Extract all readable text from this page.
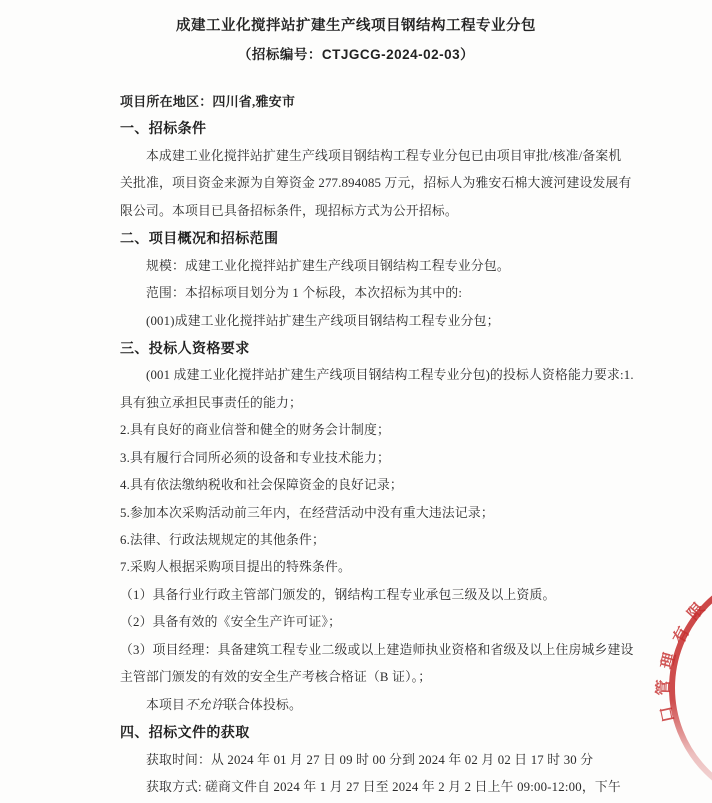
成建工业化搅拌站扩建生产线项目钢结构工程专业分包
（招标编号：CTJGCG-2024-02-03）
项目所在地区：四川省,雅安市
一、招标条件
本成建工业化搅拌站扩建生产线项目钢结构工程专业分包已由项目审批/核准/备案机
关批准，项目资金来源为自筹资金 277.894085 万元，招标人为雅安石棉大渡河建设发展有
限公司。本项目已具备招标条件，现招标方式为公开招标。
二、项目概况和招标范围
规模：成建工业化搅拌站扩建生产线项目钢结构工程专业分包。
范围：本招标项目划分为 1 个标段，本次招标为其中的:
(001)成建工业化搅拌站扩建生产线项目钢结构工程专业分包；
三、投标人资格要求
(001 成建工业化搅拌站扩建生产线项目钢结构工程专业分包)的投标人资格能力要求:1.
具有独立承担民事责任的能力；
2.具有良好的商业信誉和健全的财务会计制度；
3.具有履行合同所必须的设备和专业技术能力；
4.具有依法缴纳税收和社会保障资金的良好记录；
5.参加本次采购活动前三年内，在经营活动中没有重大违法记录；
6.法律、行政法规规定的其他条件；
7.采购人根据采购项目提出的特殊条件。
（1）具备行业行政主管部门颁发的，钢结构工程专业承包三级及以上资质。
（2）具备有效的《安全生产许可证》；
（3）项目经理：具备建筑工程专业二级或以上建造师执业资格和省级及以上住房城乡建设
主管部门颁发的有效的安全生产考核合格证（B 证）。；
本项目不允许联合体投标。
四、招标文件的获取
获取时间：从 2024 年 01 月 27 日 09 时 00 分到 2024 年 02 月 02 日 17 时 30 分
获取方式: 磋商文件自 2024 年 1 月 27 日至 2024 年 2 月 2 日上午 09:00-12:00，下午
限
有
理
管
口
